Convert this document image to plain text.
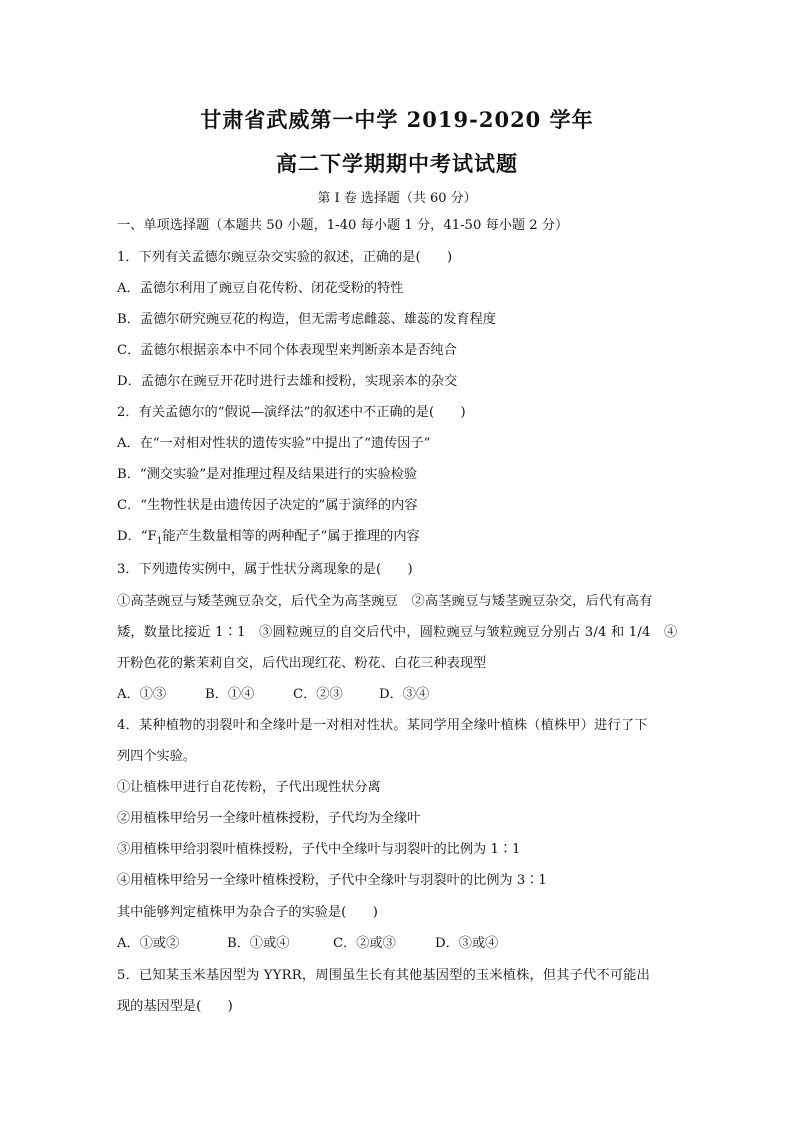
甘肃省武威第一中学 2019-2020 学年
高二下学期期中考试试题
第 I 卷 选择题（共 60 分）
一、单项选择题（本题共 50 小题，1-40 每小题 1 分，41-50 每小题 2 分）
1．下列有关孟德尔豌豆杂交实验的叙述，正确的是(　　)
A．孟德尔利用了豌豆自花传粉、闭花受粉的特性
B．孟德尔研究豌豆花的构造，但无需考虑雌蕊、雄蕊的发育程度
C．孟德尔根据亲本中不同个体表现型来判断亲本是否纯合
D．孟德尔在豌豆开花时进行去雄和授粉，实现亲本的杂交
2．有关孟德尔的“假说—演绎法”的叙述中不正确的是(　　)
A．在“一对相对性状的遗传实验”中提出了“遗传因子”
B．“测交实验”是对推理过程及结果进行的实验检验
C．“生物性状是由遗传因子决定的”属于演绎的内容
D．“$F_1$能产生数量相等的两种配子”属于推理的内容
3．下列遗传实例中，属于性状分离现象的是(　　)
①高茎豌豆与矮茎豌豆杂交，后代全为高茎豌豆　②高茎豌豆与矮茎豌豆杂交，后代有高有
矮，数量比接近 1∶1　③圆粒豌豆的自交后代中，圆粒豌豆与皱粒豌豆分别占 3/4 和 1/4　④
开粉色花的紫茉莉自交，后代出现红花、粉花、白花三种表现型
A．①③	B．①④	C．②③	D．③④
4．某种植物的羽裂叶和全缘叶是一对相对性状。某同学用全缘叶植株（植株甲）进行了下
列四个实验。
①让植株甲进行自花传粉，子代出现性状分离
②用植株甲给另一全缘叶植株授粉，子代均为全缘叶
③用植株甲给羽裂叶植株授粉，子代中全缘叶与羽裂叶的比例为 1∶1
④用植株甲给另一全缘叶植株授粉，子代中全缘叶与羽裂叶的比例为 3∶1
其中能够判定植株甲为杂合子的实验是(　　)
A．①或②	B．①或④	C．②或③	D．③或④
5．已知某玉米基因型为 YYRR，周围虽生长有其他基因型的玉米植株，但其子代不可能出
现的基因型是(　　)
